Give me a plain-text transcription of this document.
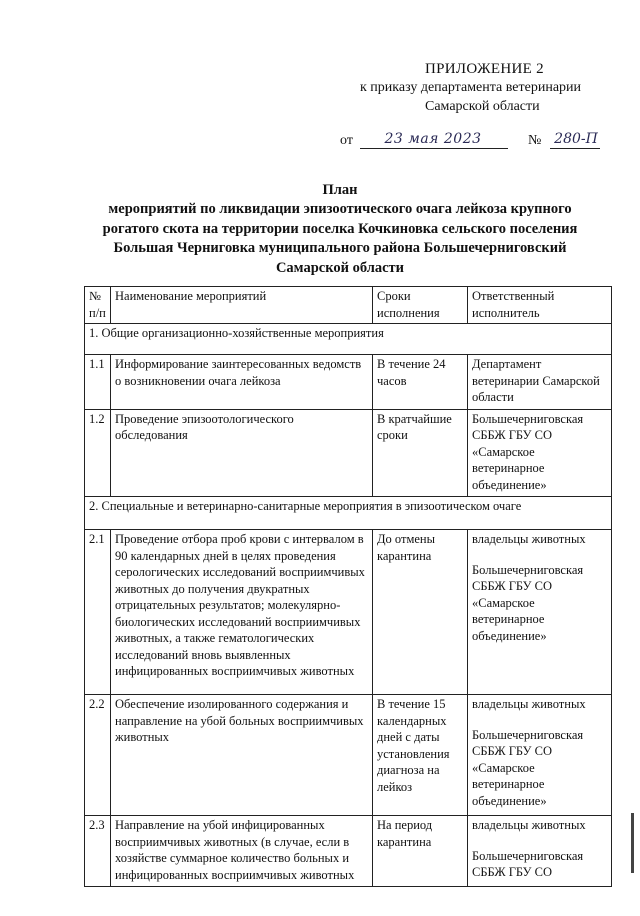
ПРИЛОЖЕНИЕ 2
к приказу департамента ветеринарии
Самарской области
от	23 мая 2023	№ 280-П
План
мероприятий по ликвидации эпизоотического очага лейкоза крупного рогатого скота на территории поселка Кочкиновка сельского поселения Большая Черниговка муниципального района Большечерниговский Самарской области
№ п/п	Наименование мероприятий	Сроки исполнения	Ответственный исполнитель
1. Общие организационно-хозяйственные мероприятия			
1.1	Информирование заинтересованных ведомств о возникновении очага лейкоза	В течение 24 часов	Департамент ветеринарии Самарской области
1.2	Проведение эпизоотологического обследования	В кратчайшие сроки	Большечерниговская СББЖ ГБУ СО «Самарское ветеринарное объединение»
2. Специальные и ветеринарно-санитарные мероприятия в эпизоотическом очаге			
2.1	Проведение отбора проб крови с интервалом в 90 календарных дней в целях проведения серологических исследований восприимчивых животных до получения двукратных отрицательных результатов; молекулярно-биологических исследований восприимчивых животных, а также гематологических исследований вновь выявленных инфицированных восприимчивых животных	До отмены карантина	владельцы животных
Большечерниговская СББЖ ГБУ СО «Самарское ветеринарное объединение»
2.2	Обеспечение изолированного содержания и направление на убой больных восприимчивых животных	В течение 15 календарных дней с даты установления диагноза на лейкоз	владельцы животных
Большечерниговская СББЖ ГБУ СО «Самарское ветеринарное объединение»
2.3	Направление на убой инфицированных восприимчивых животных (в случае, если в хозяйстве суммарное количество больных и инфицированных восприимчивых животных	На период карантина	владельцы животных
Большечерниговская СББЖ ГБУ СО
